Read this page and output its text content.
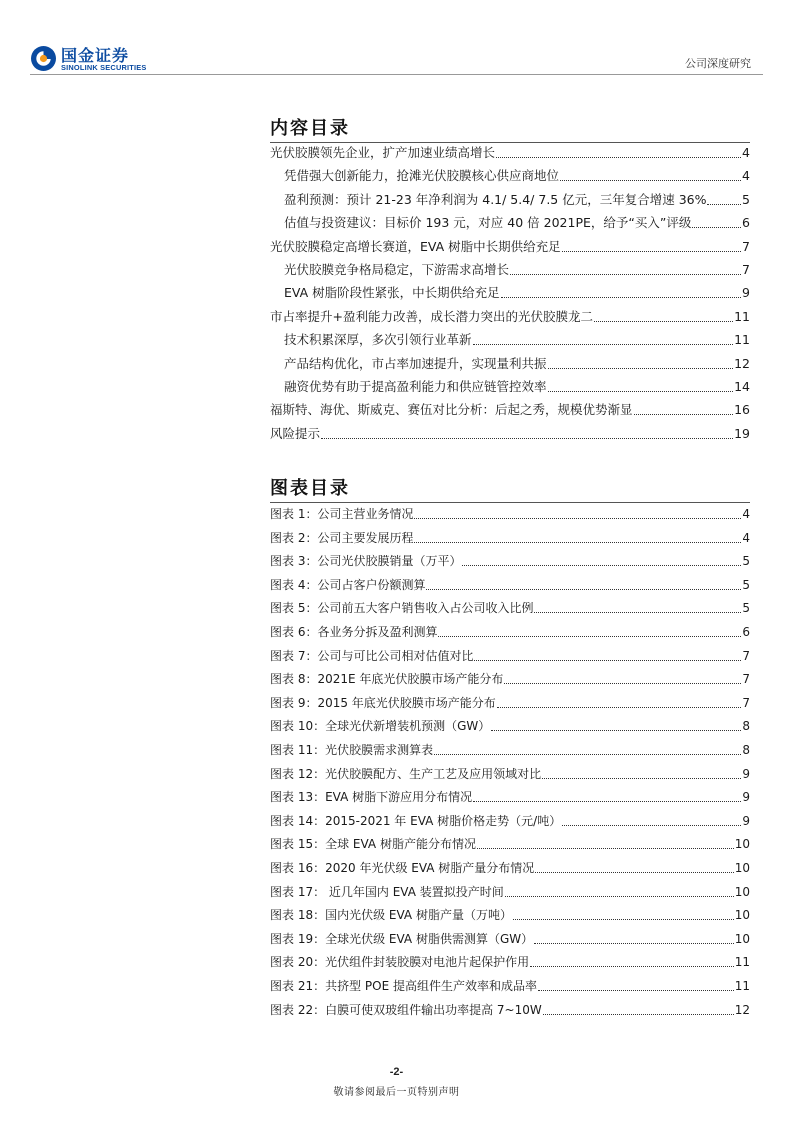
国金证券
SINOLINK SECURITIES	公司深度研究
内容目录
光伏胶膜领先企业，扩产加速业绩高增长	4
凭借强大创新能力，抢滩光伏胶膜核心供应商地位	4
盈利预测：预计 21-23 年净利润为 4.1/ 5.4/ 7.5 亿元，三年复合增速 36%	5
估值与投资建议：目标价 193 元，对应 40 倍 2021PE，给予“买入”评级	6
光伏胶膜稳定高增长赛道，EVA 树脂中长期供给充足	7
光伏胶膜竞争格局稳定，下游需求高增长	7
EVA 树脂阶段性紧张，中长期供给充足	9
市占率提升+盈利能力改善，成长潜力突出的光伏胶膜龙二	11
技术积累深厚，多次引领行业革新	11
产品结构优化，市占率加速提升，实现量利共振	12
融资优势有助于提高盈利能力和供应链管控效率	14
福斯特、海优、斯威克、赛伍对比分析：后起之秀，规模优势渐显	16
风险提示	19
图表目录
图表 1：公司主营业务情况	4
图表 2：公司主要发展历程	4
图表 3：公司光伏胶膜销量（万平）	5
图表 4：公司占客户份额测算	5
图表 5：公司前五大客户销售收入占公司收入比例	5
图表 6：各业务分拆及盈利测算	6
图表 7：公司与可比公司相对估值对比	7
图表 8：2021E 年底光伏胶膜市场产能分布	7
图表 9：2015 年底光伏胶膜市场产能分布	7
图表 10：全球光伏新增装机预测（GW）	8
图表 11：光伏胶膜需求测算表	8
图表 12：光伏胶膜配方、生产工艺及应用领域对比	9
图表 13：EVA 树脂下游应用分布情况	9
图表 14：2015-2021 年 EVA 树脂价格走势（元/吨）	9
图表 15：全球 EVA 树脂产能分布情况	10
图表 16：2020 年光伏级 EVA 树脂产量分布情况	10
图表 17： 近几年国内 EVA 装置拟投产时间	10
图表 18：国内光伏级 EVA 树脂产量（万吨）	10
图表 19：全球光伏级 EVA 树脂供需测算（GW）	10
图表 20：光伏组件封装胶膜对电池片起保护作用	11
图表 21：共挤型 POE 提高组件生产效率和成品率	11
图表 22：白膜可使双玻组件输出功率提高 7~10W	12
-2-
敬请参阅最后一页特别声明
